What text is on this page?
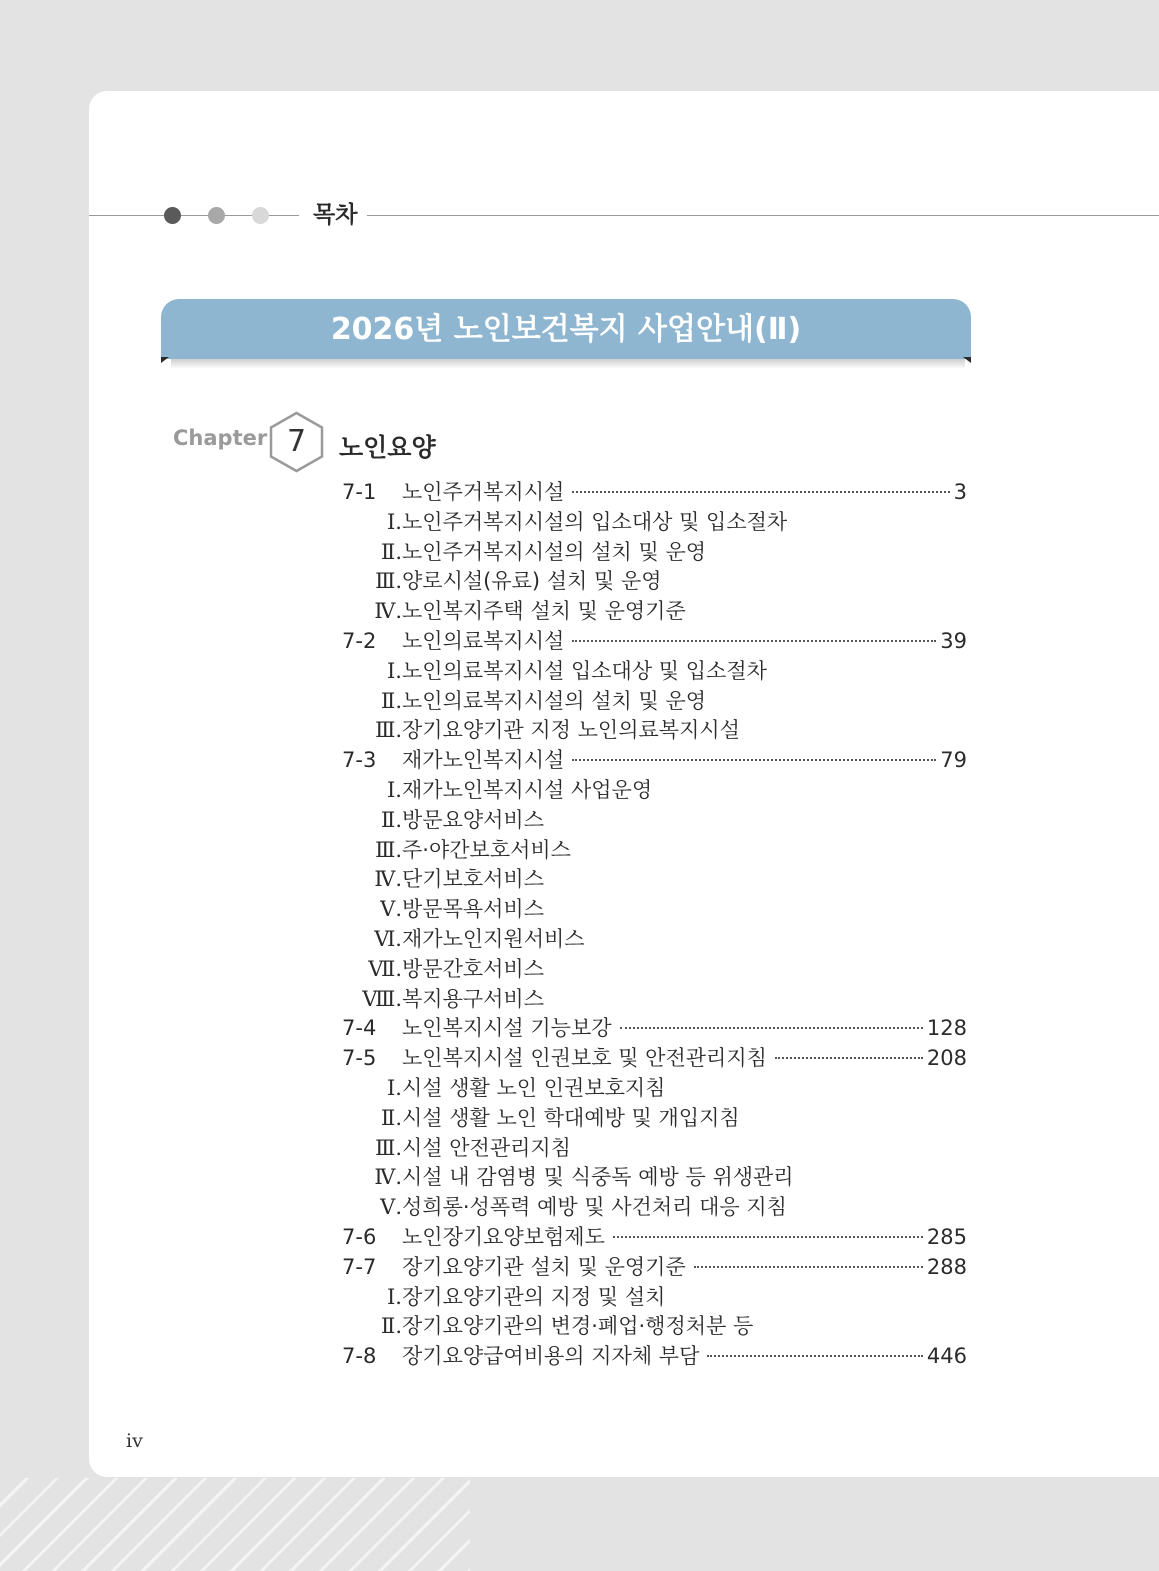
목차
2026년 노인보건복지 사업안내(Ⅱ)
Chapter 7	노인요양
7-1	노인주거복지시설	3
Ⅰ. 노인주거복지시설의 입소대상 및 입소절차
Ⅱ. 노인주거복지시설의 설치 및 운영
Ⅲ. 양로시설(유료) 설치 및 운영
Ⅳ. 노인복지주택 설치 및 운영기준
7-2	노인의료복지시설	39
Ⅰ. 노인의료복지시설 입소대상 및 입소절차
Ⅱ. 노인의료복지시설의 설치 및 운영
Ⅲ. 장기요양기관 지정 노인의료복지시설
7-3	재가노인복지시설	79
Ⅰ. 재가노인복지시설 사업운영
Ⅱ. 방문요양서비스
Ⅲ. 주·야간보호서비스
Ⅳ. 단기보호서비스
Ⅴ. 방문목욕서비스
Ⅵ. 재가노인지원서비스
Ⅶ. 방문간호서비스
Ⅷ. 복지용구서비스
7-4	노인복지시설 기능보강	128
7-5	노인복지시설 인권보호 및 안전관리지침	208
Ⅰ. 시설 생활 노인 인권보호지침
Ⅱ. 시설 생활 노인 학대예방 및 개입지침
Ⅲ. 시설 안전관리지침
Ⅳ. 시설 내 감염병 및 식중독 예방 등 위생관리
Ⅴ. 성희롱·성폭력 예방 및 사건처리 대응 지침
7-6	노인장기요양보험제도	285
7-7	장기요양기관 설치 및 운영기준	288
Ⅰ. 장기요양기관의 지정 및 설치
Ⅱ. 장기요양기관의 변경·폐업·행정처분 등
7-8	장기요양급여비용의 지자체 부담	446
iv
